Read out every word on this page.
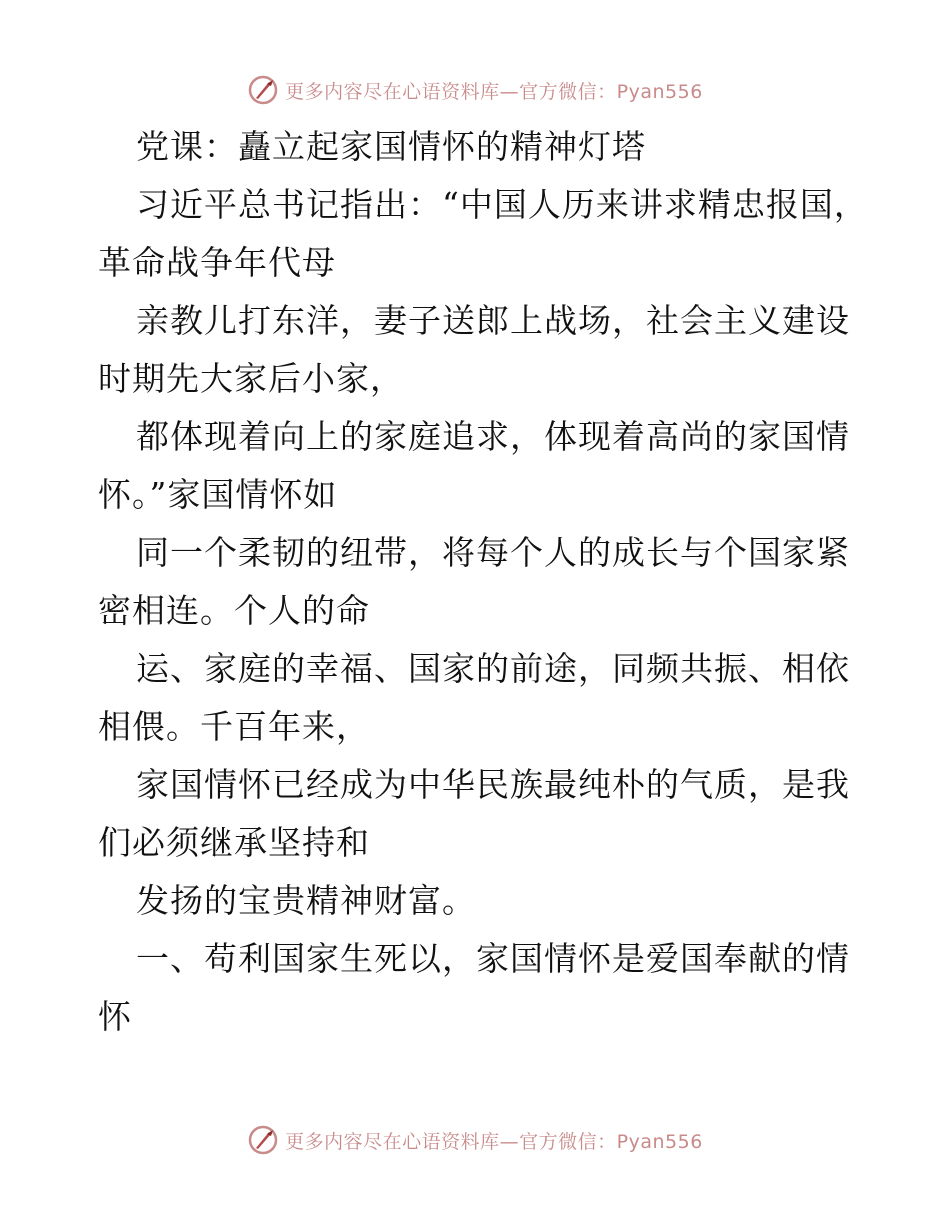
更多内容尽在心语资料库—官方微信：Pyan556
党课：矗立起家国情怀的精神灯塔
习近平总书记指出：“中国人历来讲求精忠报国，
革命战争年代母
亲教儿打东洋，妻子送郎上战场，社会主义建设
时期先大家后小家，
都体现着向上的家庭追求，体现着高尚的家国情
怀。”家国情怀如
同一个柔韧的纽带，将每个人的成长与个国家紧
密相连。个人的命
运、家庭的幸福、国家的前途，同频共振、相依
相偎。千百年来，
家国情怀已经成为中华民族最纯朴的气质，是我
们必须继承坚持和
发扬的宝贵精神财富。
一、苟利国家生死以，家国情怀是爱国奉献的情
怀
更多内容尽在心语资料库—官方微信：Pyan556
